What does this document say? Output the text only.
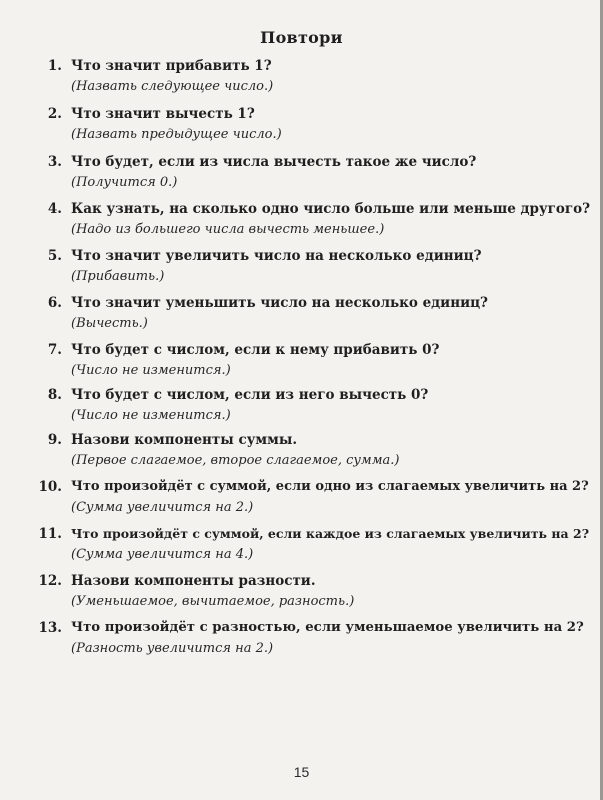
Повтори
1. Что значит прибавить 1?
(Назвать следующее число.)
2. Что значит вычесть 1?
(Назвать предыдущее число.)
3. Что будет, если из числа вычесть такое же число?
(Получится 0.)
4. Как узнать, на сколько одно число больше или меньше другого?
(Надо из большего числа вычесть меньшее.)
5. Что значит увеличить число на несколько единиц?
(Прибавить.)
6. Что значит уменьшить число на несколько единиц?
(Вычесть.)
7. Что будет с числом, если к нему прибавить 0?
(Число не изменится.)
8. Что будет с числом, если из него вычесть 0?
(Число не изменится.)
9. Назови компоненты суммы.
(Первое слагаемое, второе слагаемое, сумма.)
10. Что произойдёт с суммой, если одно из слагаемых увеличить на 2?
(Сумма увеличится на 2.)
11. Что произойдёт с суммой, если каждое из слагаемых увеличить на 2?
(Сумма увеличится на 4.)
12. Назови компоненты разности.
(Уменьшаемое, вычитаемое, разность.)
13. Что произойдёт с разностью, если уменьшаемое увеличить на 2?
(Разность увеличится на 2.)
15
